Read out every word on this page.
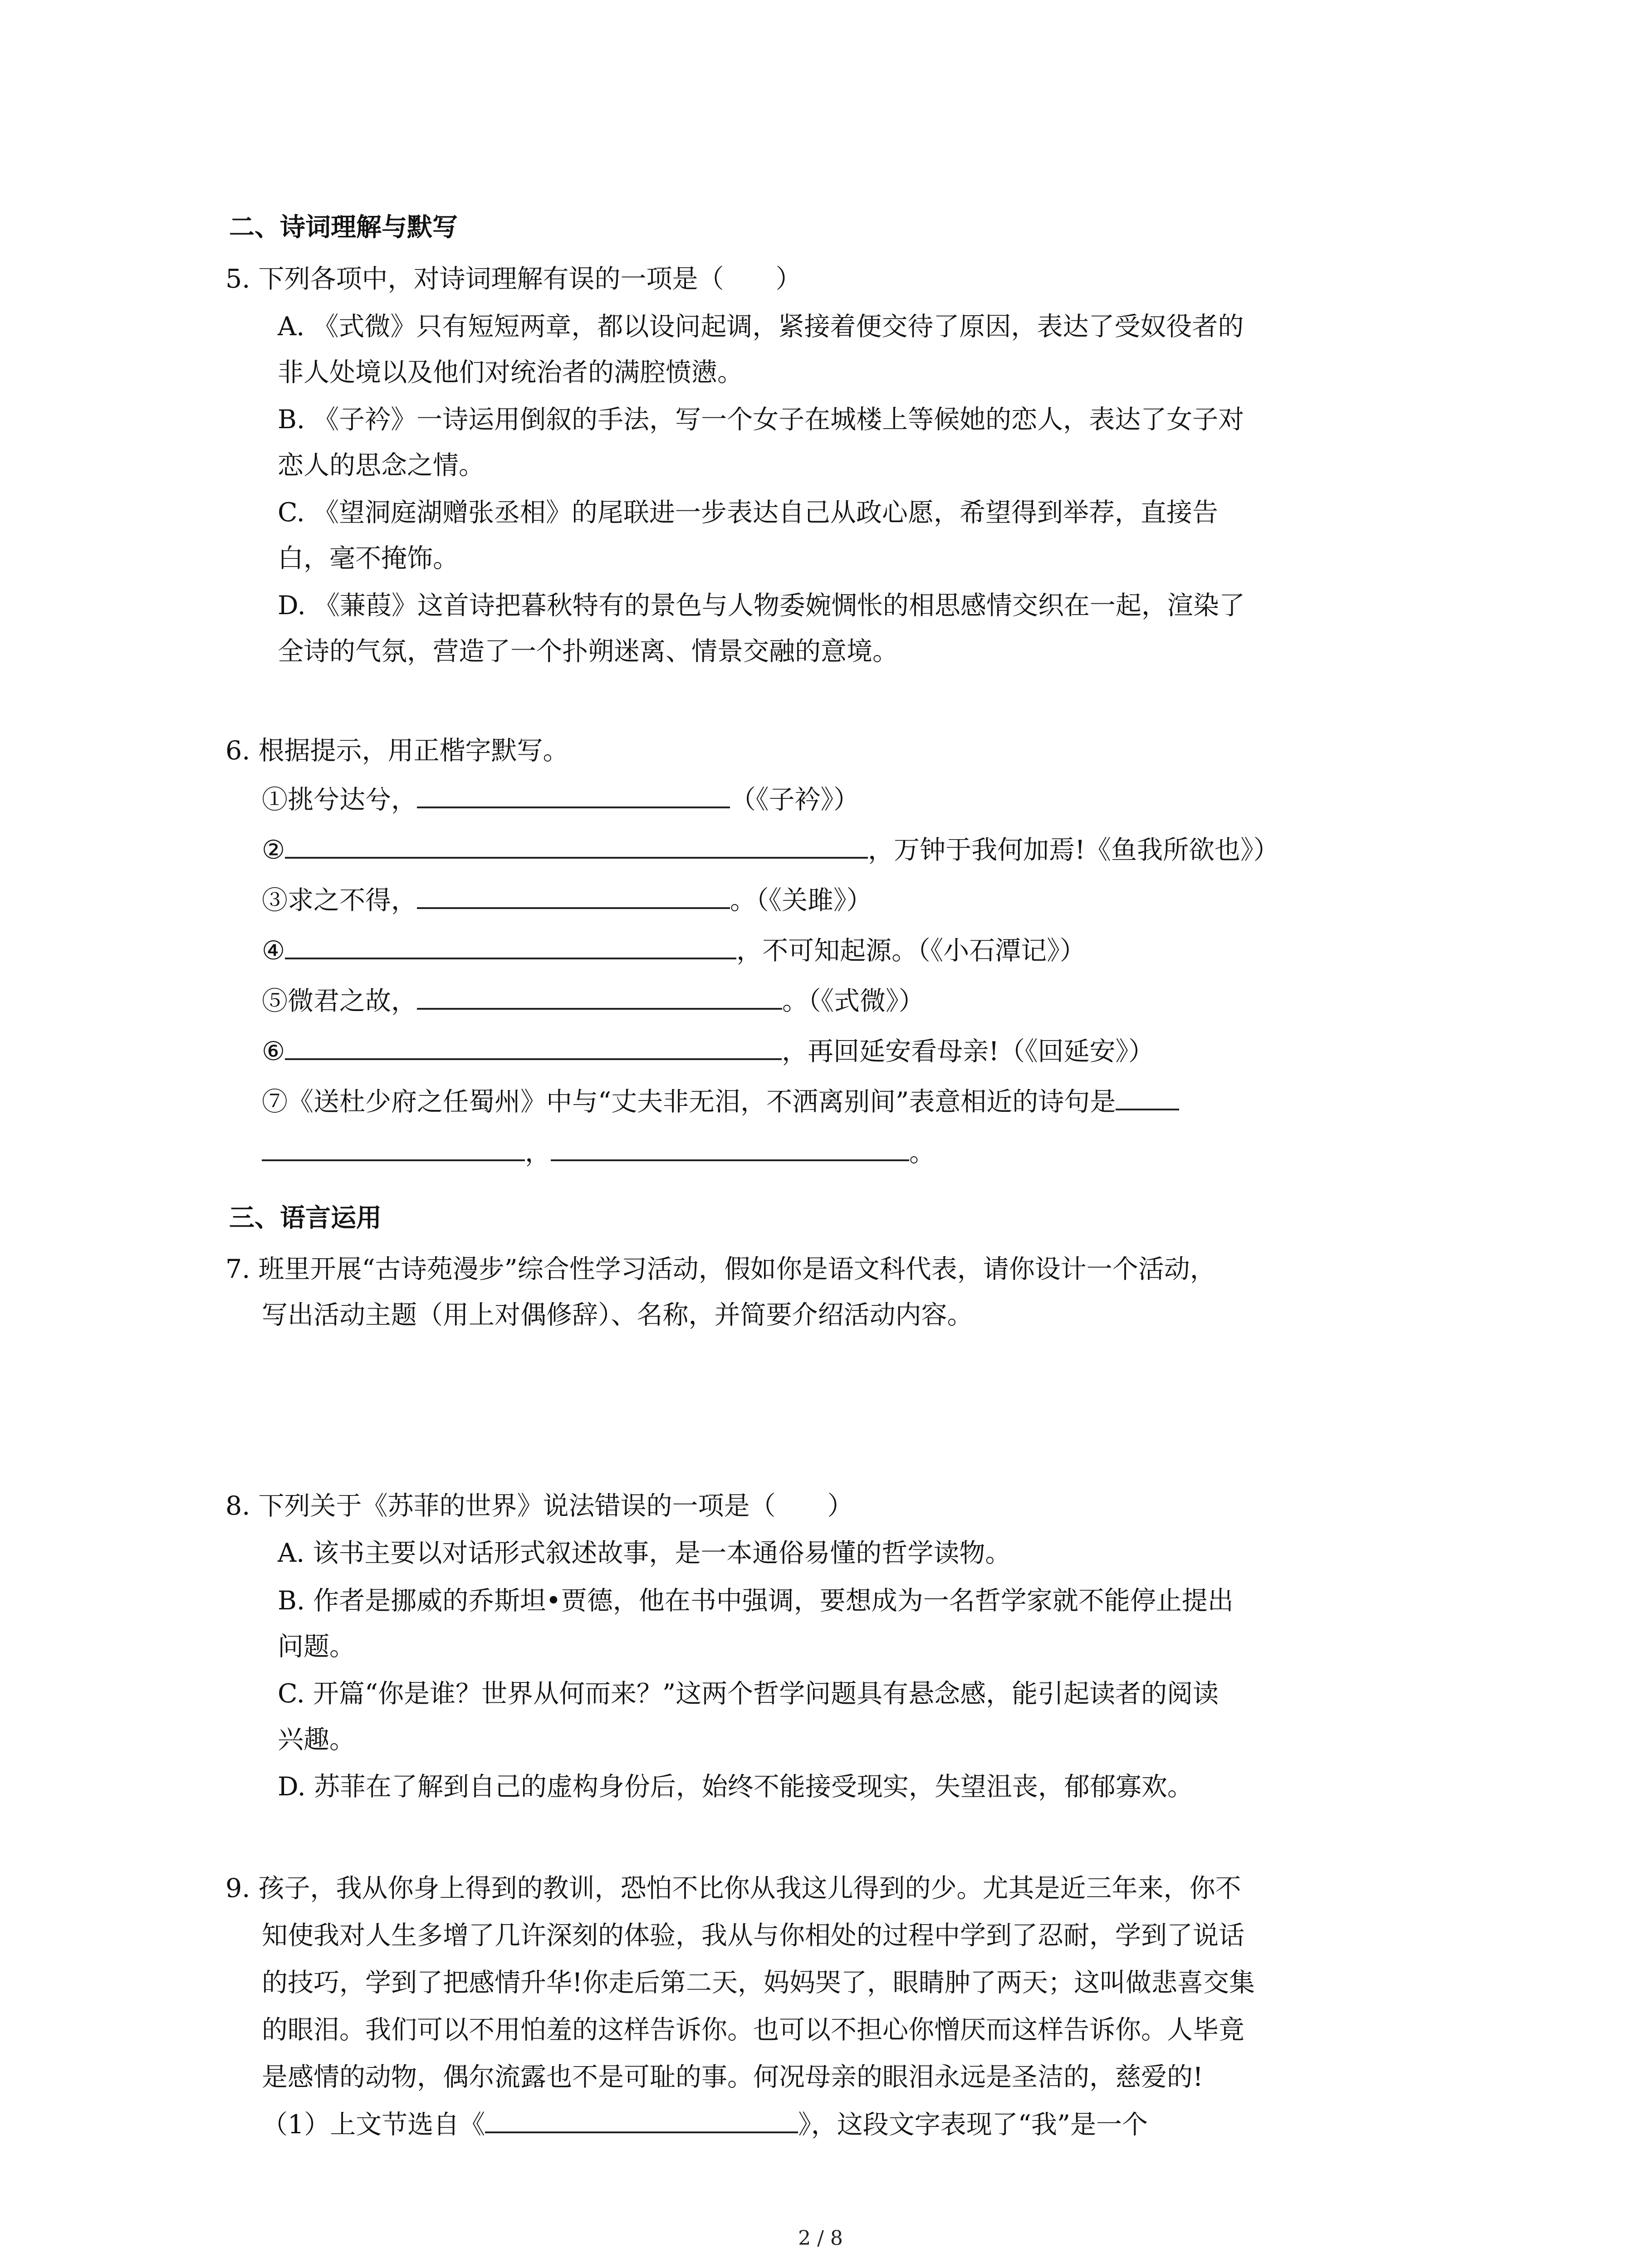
二、诗词理解与默写
5. 下列各项中，对诗词理解有误的一项是（　　）
A. 《式微》只有短短两章，都以设问起调，紧接着便交待了原因，表达了受奴役者的
非人处境以及他们对统治者的满腔愤懑。
B. 《子衿》一诗运用倒叙的手法，写一个女子在城楼上等候她的恋人，表达了女子对
恋人的思念之情。
C. 《望洞庭湖赠张丞相》的尾联进一步表达自己从政心愿，希望得到举荐，直接告
白，毫不掩饰。
D. 《蒹葭》这首诗把暮秋特有的景色与人物委婉惆怅的相思感情交织在一起，渲染了
全诗的气氛，营造了一个扑朔迷离、情景交融的意境。
6. 根据提示，用正楷字默写。
①挑兮达兮，	（《子衿》）
②	，万钟于我何加焉!《鱼我所欲也》）
③求之不得，	。（《关雎》）
④	，不可知起源。（《小石潭记》）
⑤微君之故，	。（《式微》）
⑥	，再回延安看母亲!（《回延安》）
⑦《送杜少府之任蜀州》中与“丈夫非无泪，不洒离别间”表意相近的诗句是
，	。
三、语言运用
7. 班里开展“古诗苑漫步”综合性学习活动，假如你是语文科代表，请你设计一个活动，
写出活动主题（用上对偶修辞）、名称，并简要介绍活动内容。
8. 下列关于《苏菲的世界》说法错误的一项是（　　）
A. 该书主要以对话形式叙述故事，是一本通俗易懂的哲学读物。
B. 作者是挪威的乔斯坦•贾德，他在书中强调，要想成为一名哲学家就不能停止提出
问题。
C. 开篇“你是谁？世界从何而来？”这两个哲学问题具有悬念感，能引起读者的阅读
兴趣。
D. 苏菲在了解到自己的虚构身份后，始终不能接受现实，失望沮丧，郁郁寡欢。
9. 孩子，我从你身上得到的教训，恐怕不比你从我这儿得到的少。尤其是近三年来，你不
知使我对人生多增了几许深刻的体验，我从与你相处的过程中学到了忍耐，学到了说话
的技巧，学到了把感情升华!你走后第二天，妈妈哭了，眼睛肿了两天；这叫做悲喜交集
的眼泪。我们可以不用怕羞的这样告诉你。也可以不担心你憎厌而这样告诉你。人毕竟
是感情的动物，偶尔流露也不是可耻的事。何况母亲的眼泪永远是圣洁的，慈爱的!
（1）上文节选自《	》，这段文字表现了“我”是一个
2 / 8
